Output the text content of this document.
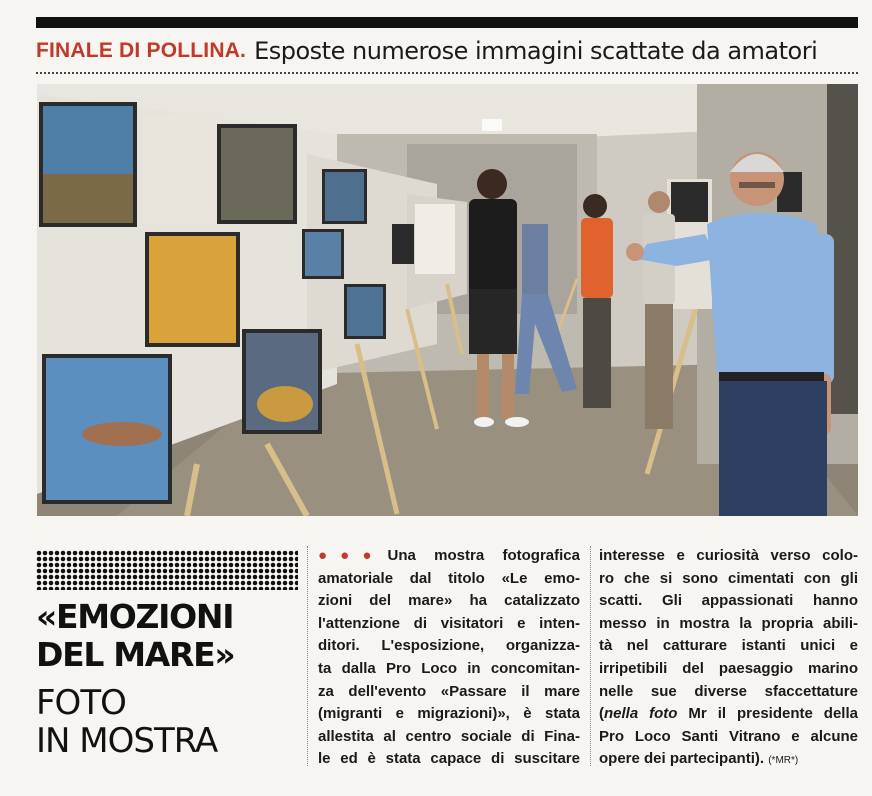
FINALE DI POLLINA. Esposte numerose immagini scattate da amatori
«EMOZIONI
DEL MARE»
FOTO
IN MOSTRA
●●● Una mostra fotografica
amatoriale dal titolo «Le emo-
zioni del mare» ha catalizzato
l'attenzione di visitatori e inten-
ditori. L'esposizione, organizza-
ta dalla Pro Loco in concomitan-
za dell'evento «Passare il mare
(migranti e migrazioni)», è stata
allestita al centro sociale di Fina-
le ed è stata capace di suscitare
interesse e curiosità verso colo-
ro che si sono cimentati con gli
scatti. Gli appassionati hanno
messo in mostra la propria abili-
tà nel catturare istanti unici e
irripetibili del paesaggio marino
nelle sue diverse sfaccettature
(nella foto Mr il presidente della
Pro Loco Santi Vitrano e alcune
opere dei partecipanti). (*MR*)
